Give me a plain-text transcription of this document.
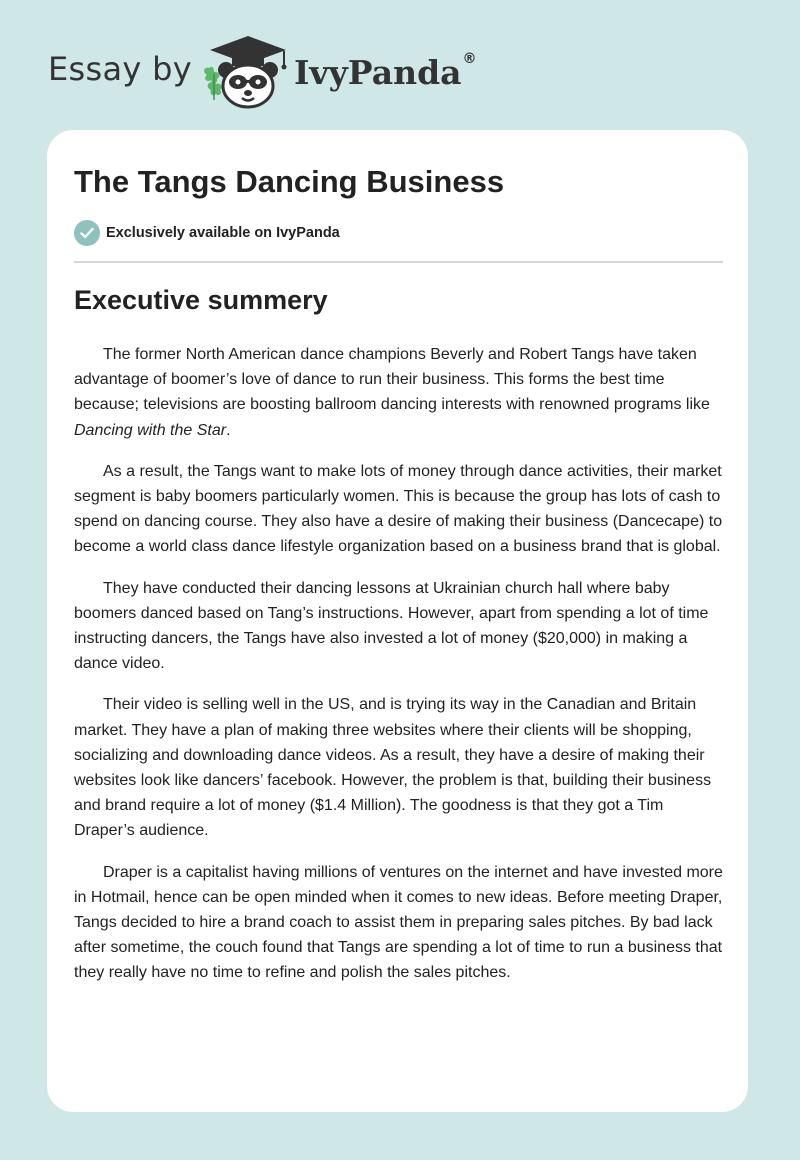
Essay by	IvyPanda®
The Tangs Dancing Business
Exclusively available on IvyPanda
Executive summery

The former North American dance champions Beverly and Robert Tangs have taken advantage of boomer’s love of dance to run their business. This forms the best time because; televisions are boosting ballroom dancing interests with renowned programs like Dancing with the Star.

As a result, the Tangs want to make lots of money through dance activities, their market segment is baby boomers particularly women. This is because the group has lots of cash to spend on dancing course. They also have a desire of making their business (Dancecape) to become a world class dance lifestyle organization based on a business brand that is global.

They have conducted their dancing lessons at Ukrainian church hall where baby boomers danced based on Tang’s instructions. However, apart from spending a lot of time instructing dancers, the Tangs have also invested a lot of money ($20,000) in making a dance video.

Their video is selling well in the US, and is trying its way in the Canadian and Britain market. They have a plan of making three websites where their clients will be shopping, socializing and downloading dance videos. As a result, they have a desire of making their websites look like dancers’ facebook. However, the problem is that, building their business and brand require a lot of money ($1.4 Million). The goodness is that they got a Tim Draper’s audience.

Draper is a capitalist having millions of ventures on the internet and have invested more in Hotmail, hence can be open minded when it comes to new ideas. Before meeting Draper, Tangs decided to hire a brand coach to assist them in preparing sales pitches. By bad lack after sometime, the couch found that Tangs are spending a lot of time to run a business that they really have no time to refine and polish the sales pitches.
